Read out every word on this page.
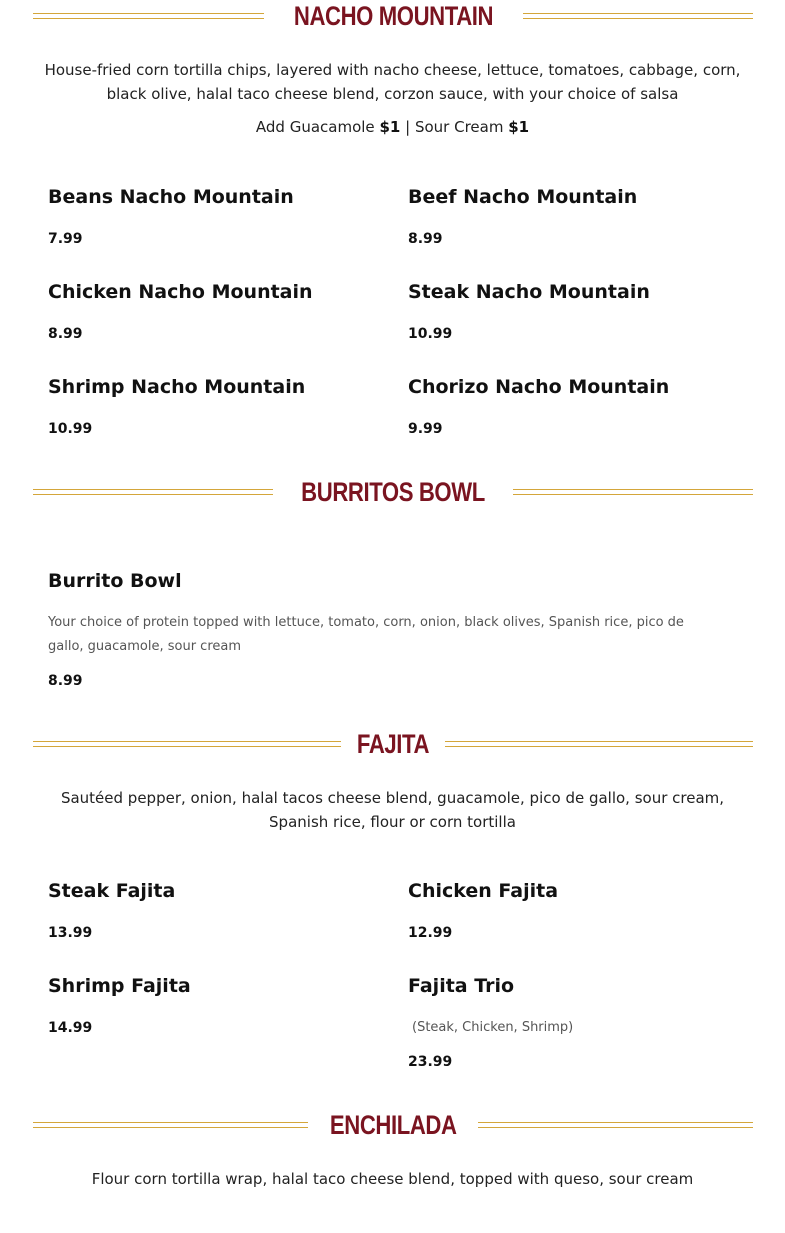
NACHO MOUNTAIN
House-fried corn tortilla chips, layered with nacho cheese, lettuce, tomatoes, cabbage, corn, black olive, halal taco cheese blend, corzon sauce, with your choice of salsa
Add Guacamole $1 | Sour Cream $1
Beans Nacho Mountain
7.99
Beef Nacho Mountain
8.99
Chicken Nacho Mountain
8.99
Steak Nacho Mountain
10.99
Shrimp Nacho Mountain
10.99
Chorizo Nacho Mountain
9.99
BURRITOS BOWL
Burrito Bowl
Your choice of protein topped with lettuce, tomato, corn, onion, black olives, Spanish rice, pico de gallo, guacamole, sour cream
8.99
FAJITA
Sautéed pepper, onion, halal tacos cheese blend, guacamole, pico de gallo, sour cream, Spanish rice, flour or corn tortilla
Steak Fajita
13.99
Chicken Fajita
12.99
Shrimp Fajita
14.99
Fajita Trio
(Steak, Chicken, Shrimp)
23.99
ENCHILADA
Flour corn tortilla wrap, halal taco cheese blend, topped with queso, sour cream
